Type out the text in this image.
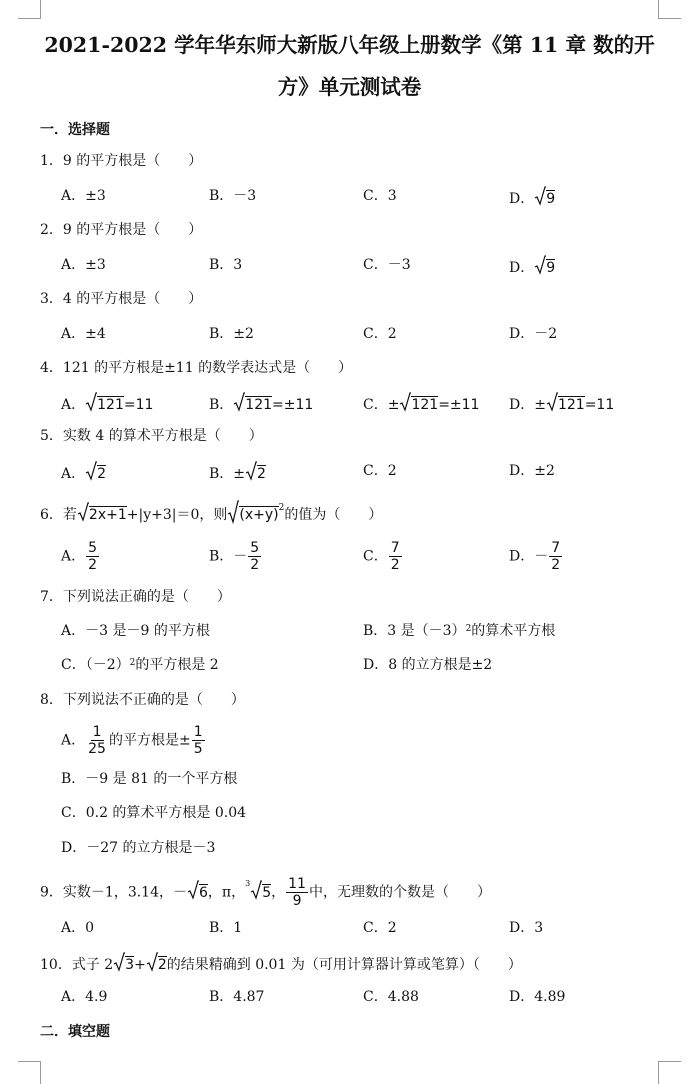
2021-2022 学年华东师大新版八年级上册数学《第 11 章 数的开
方》单元测试卷
一．选择题
1．9 的平方根是（　　）
A．±3	B．－3	C．3	D． 9
2．9 的平方根是（　　）
A．±3	B．3	C．－3	D． 9
3．4 的平方根是（　　）
A．±4	B．±2	C．2	D．－2
4．121 的平方根是±11 的数学表达式是（　　）
A． 121=11	B． 121=±11	C．± 121=±11 D．± 121=11
5．实数 4 的算术平方根是（　　）
A． 2	B．± 2	C．2	D．±2
6．若 2x+1+|y+3|＝0，则 $(x+y)^2$的值为（　　）
A． $\frac{5}{2}$	B．－ $\frac{5}{2}$	C． $\frac{7}{2}$	D．－ $\frac{7}{2}$
7．下列说法正确的是（　　）
A．－3 是－9 的平方根	B．3 是$(-3)^2$的算术平方根
C．$(-2)^2$的平方根是 2	D．8 的立方根是±2
8．下列说法不正确的是（　　）
A． $\frac{1}{25}$ 的平方根是± $\frac{1}{5}$
B．－9 是 81 的一个平方根
C．0.2 的算术平方根是 0.04
D．－27 的立方根是－3
9．实数－1，3.14，－ 6，π，$^3$5， $\frac{11}{9}$ 中，无理数的个数是（　　）
A．0	B．1	C．2	D．3
10．式子 2 3+ 2的结果精确到 0.01 为（可用计算器计算或笔算）（　　）
A．4.9	B．4.87	C．4.88	D．4.89
二．填空题
